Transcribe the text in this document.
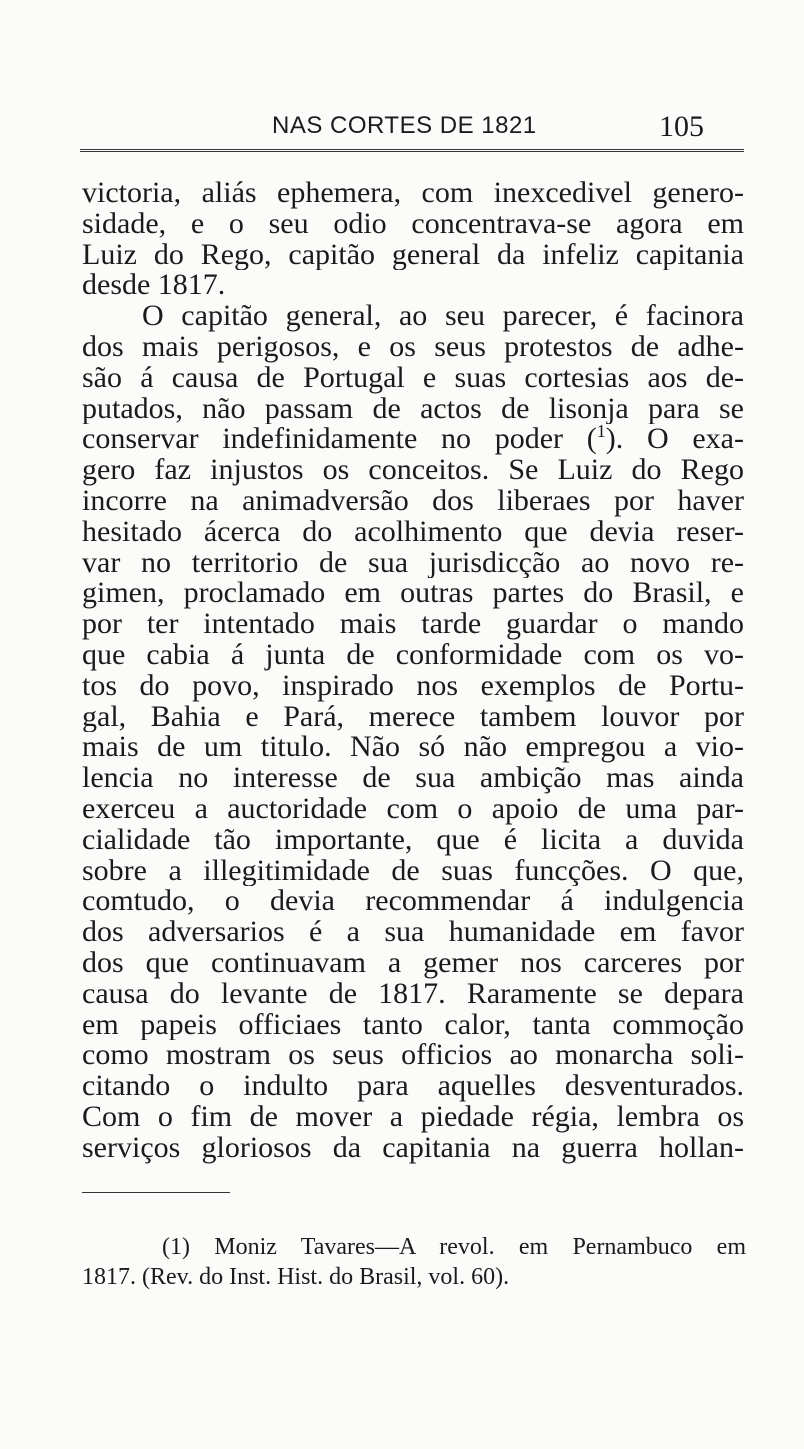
NAS CORTES DE 1821	105
victoria, aliás ephemera, com inexcedivel genero-
sidade, e o seu odio concentrava-se agora em
Luiz do Rego, capitão general da infeliz capitania
desde 1817.
O capitão general, ao seu parecer, é facinora
dos mais perigosos, e os seus protestos de adhe-
são á causa de Portugal e suas cortesias aos de-
putados, não passam de actos de lisonja para se
conservar indefinidamente no poder ($^1$). O exa-
gero faz injustos os conceitos. Se Luiz do Rego
incorre na animadversão dos liberaes por haver
hesitado ácerca do acolhimento que devia reser-
var no territorio de sua jurisdicção ao novo re-
gimen, proclamado em outras partes do Brasil, e
por ter intentado mais tarde guardar o mando
que cabia á junta de conformidade com os vo-
tos do povo, inspirado nos exemplos de Portu-
gal, Bahia e Pará, merece tambem louvor por
mais de um titulo. Não só não empregou a vio-
lencia no interesse de sua ambição mas ainda
exerceu a auctoridade com o apoio de uma par-
cialidade tão importante, que é licita a duvida
sobre a illegitimidade de suas funcções. O que,
comtudo, o devia recommendar á indulgencia
dos adversarios é a sua humanidade em favor
dos que continuavam a gemer nos carceres por
causa do levante de 1817. Raramente se depara
em papeis officiaes tanto calor, tanta commoção
como mostram os seus officios ao monarcha soli-
citando o indulto para aquelles desventurados.
Com o fim de mover a piedade régia, lembra os
serviços gloriosos da capitania na guerra hollan-
(1) Moniz Tavares—A revol. em Pernambuco em
1817. (Rev. do Inst. Hist. do Brasil, vol. 60).
